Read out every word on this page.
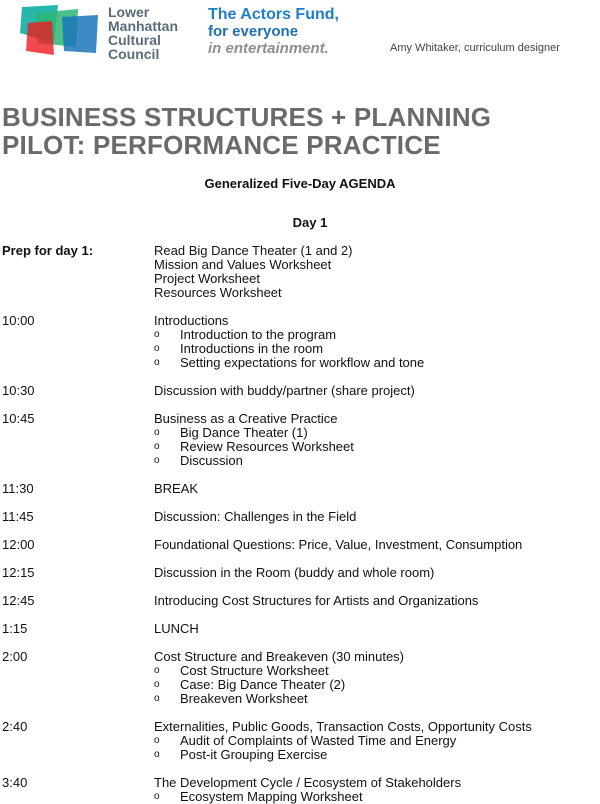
Lower
Manhattan
Cultural
Council
The Actors Fund,
for everyone
in entertainment.	Amy Whitaker, curriculum designer
BUSINESS STRUCTURES + PLANNING
PILOT: PERFORMANCE PRACTICE
Generalized Five-Day AGENDA
Day 1
Prep for day 1:	Read Big Dance Theater (1 and 2)
Mission and Values Worksheet
Project Worksheet
Resources Worksheet
10:00	Introductions
o	Introduction to the program
o	Introductions in the room
o	Setting expectations for workflow and tone
10:30	Discussion with buddy/partner (share project)
10:45	Business as a Creative Practice
o	Big Dance Theater (1)
o	Review Resources Worksheet
o	Discussion
11:30	BREAK
11:45	Discussion: Challenges in the Field
12:00	Foundational Questions: Price, Value, Investment, Consumption
12:15	Discussion in the Room (buddy and whole room)
12:45	Introducing Cost Structures for Artists and Organizations
1:15	LUNCH
2:00	Cost Structure and Breakeven (30 minutes)
o	Cost Structure Worksheet
o	Case: Big Dance Theater (2)
o	Breakeven Worksheet
2:40	Externalities, Public Goods, Transaction Costs, Opportunity Costs
o	Audit of Complaints of Wasted Time and Energy
o	Post-it Grouping Exercise
3:40	The Development Cycle / Ecosystem of Stakeholders
o	Ecosystem Mapping Worksheet
